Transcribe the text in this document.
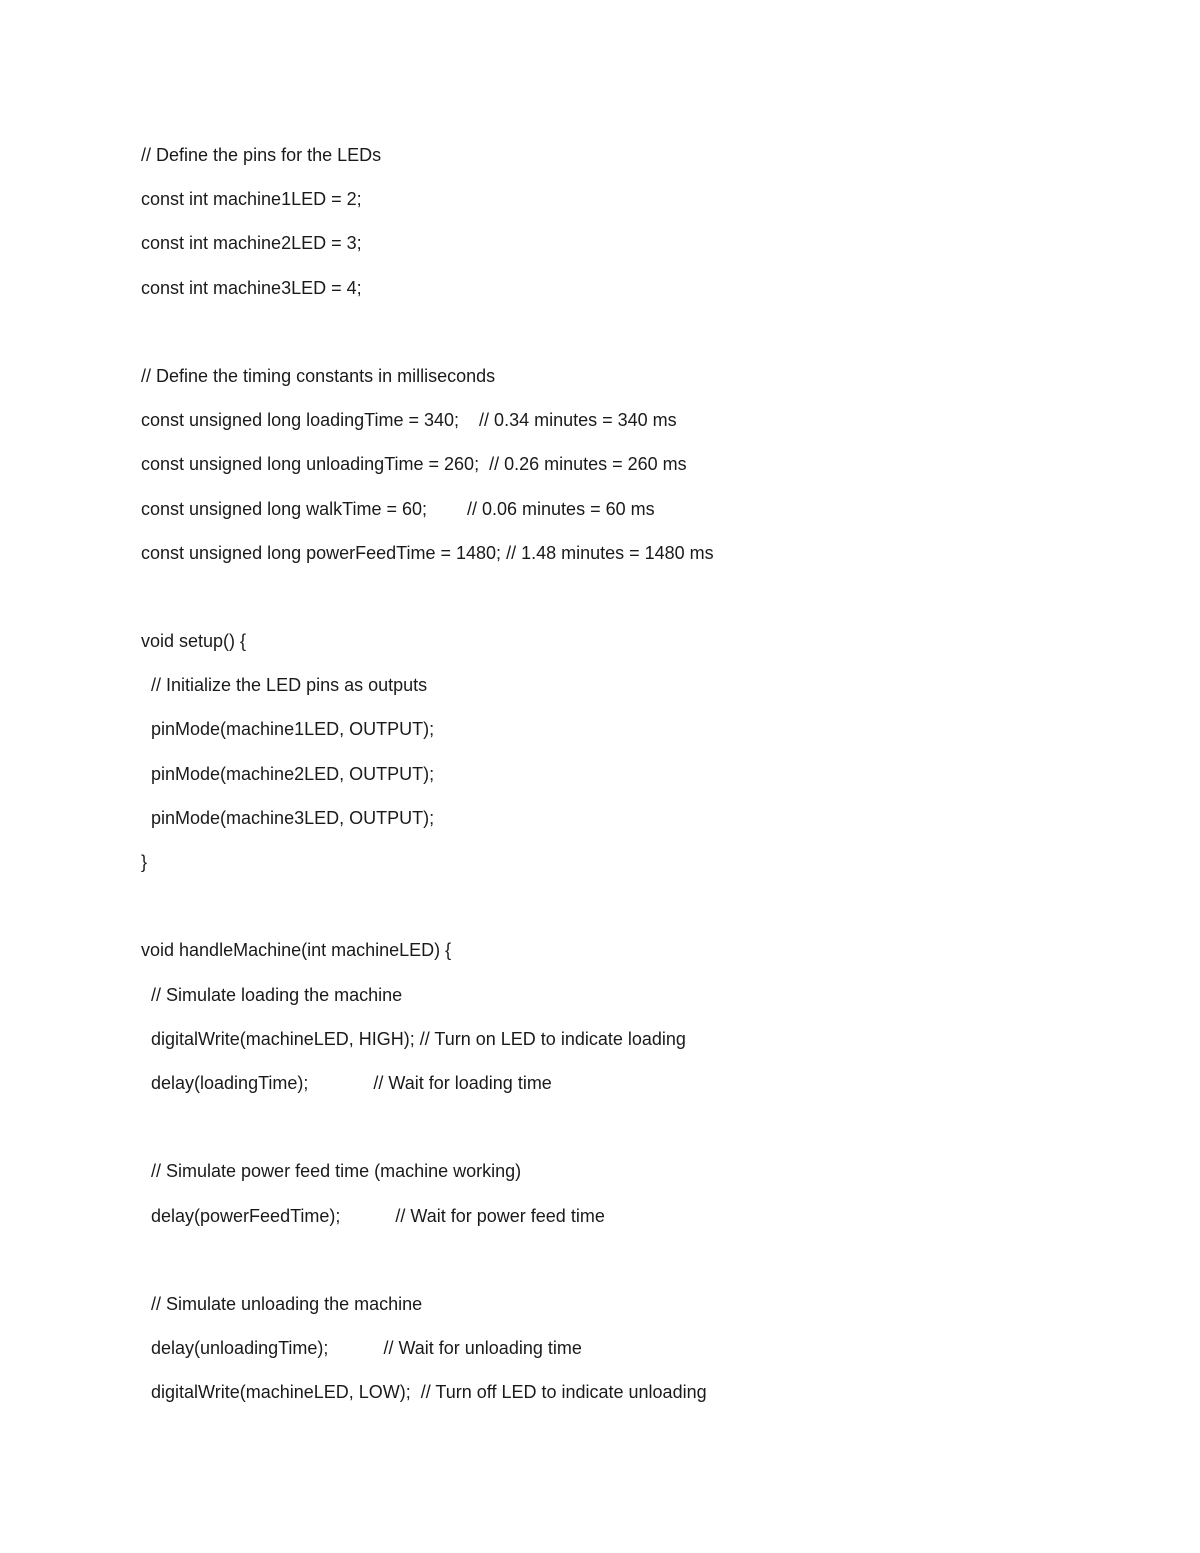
// Define the pins for the LEDs
const int machine1LED = 2;
const int machine2LED = 3;
const int machine3LED = 4;
// Define the timing constants in milliseconds
const unsigned long loadingTime = 340;    // 0.34 minutes = 340 ms
const unsigned long unloadingTime = 260;  // 0.26 minutes = 260 ms
const unsigned long walkTime = 60;        // 0.06 minutes = 60 ms
const unsigned long powerFeedTime = 1480; // 1.48 minutes = 1480 ms
void setup() {
// Initialize the LED pins as outputs
pinMode(machine1LED, OUTPUT);
pinMode(machine2LED, OUTPUT);
pinMode(machine3LED, OUTPUT);
}
void handleMachine(int machineLED) {
// Simulate loading the machine
digitalWrite(machineLED, HIGH); // Turn on LED to indicate loading
delay(loadingTime);             // Wait for loading time
// Simulate power feed time (machine working)
delay(powerFeedTime);           // Wait for power feed time
// Simulate unloading the machine
delay(unloadingTime);           // Wait for unloading time
digitalWrite(machineLED, LOW);  // Turn off LED to indicate unloading
